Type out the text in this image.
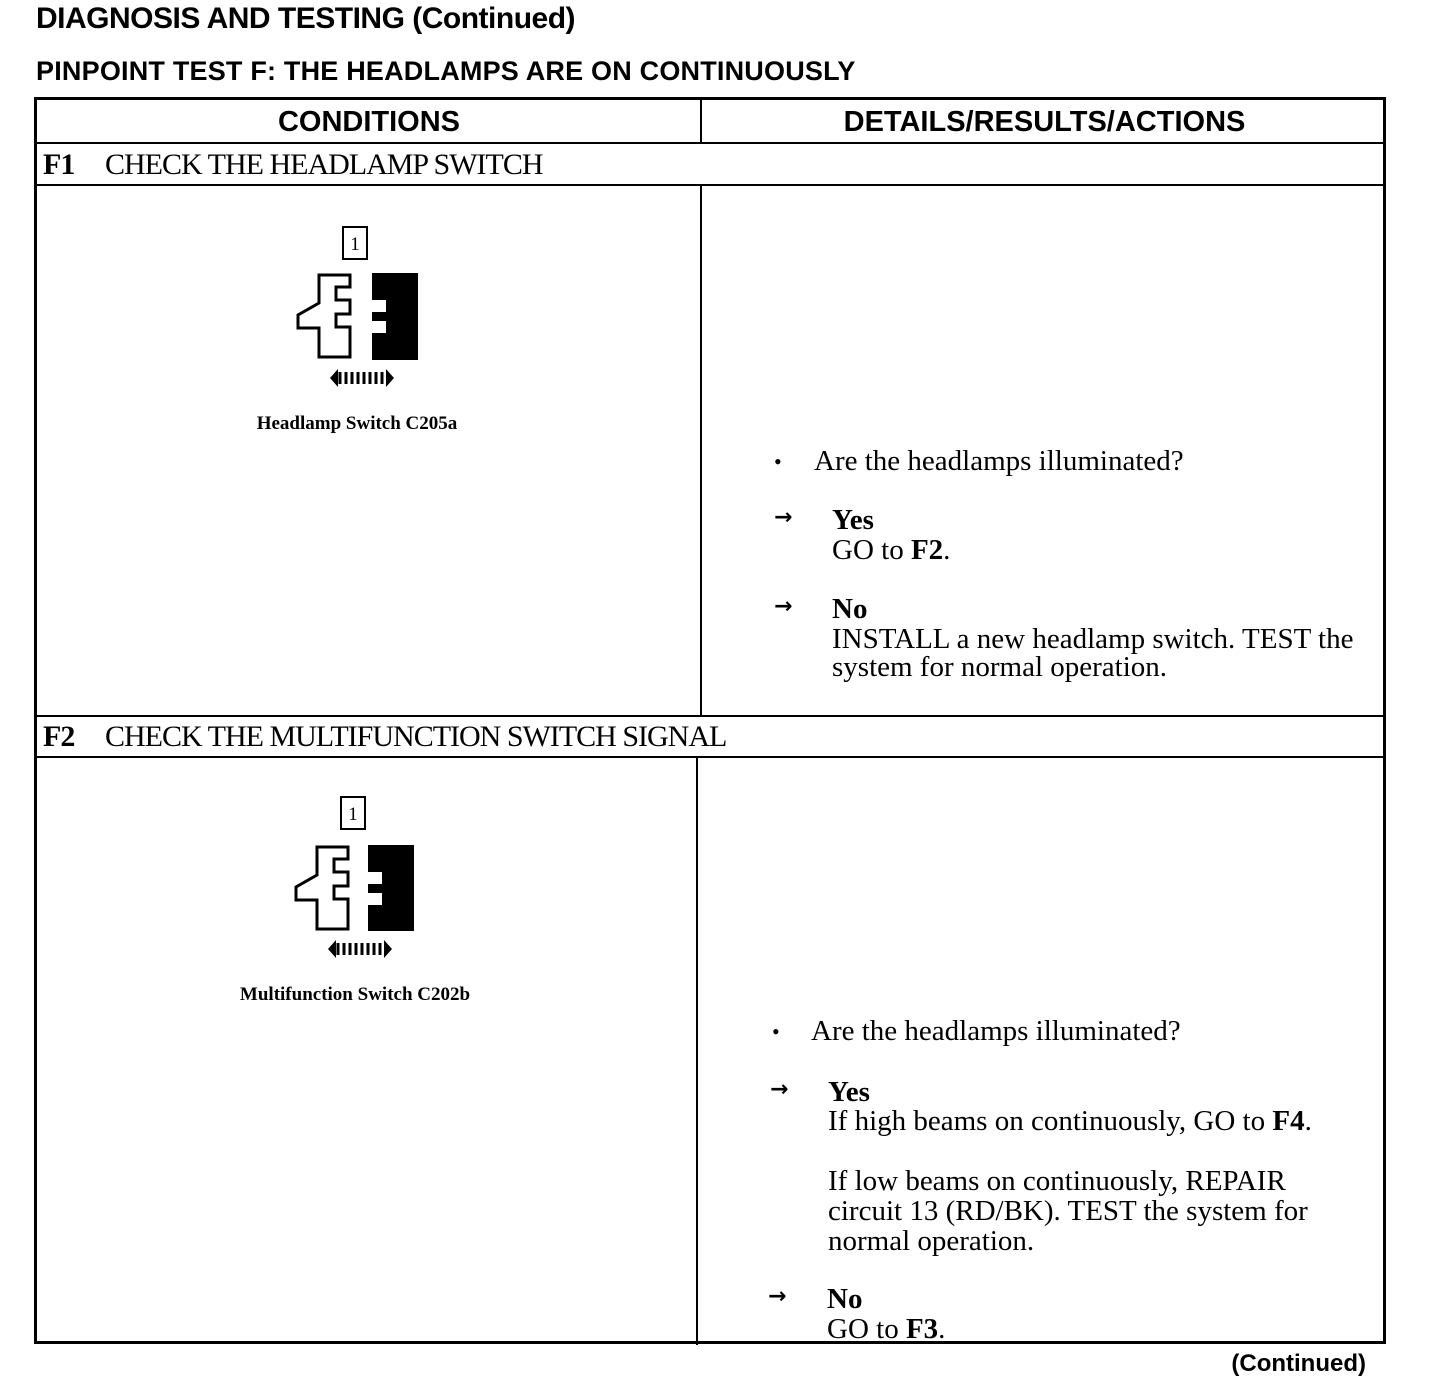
DIAGNOSIS AND TESTING (Continued)
PINPOINT TEST F: THE HEADLAMPS ARE ON CONTINUOUSLY
CONDITIONS	DETAILS/RESULTS/ACTIONS
F1 CHECK THE HEADLAMP SWITCH
1
Headlamp Switch C205a
• Are the headlamps illuminated?
→ Yes
GO to F2.
→ No
INSTALL a new headlamp switch. TEST the
system for normal operation.
F2 CHECK THE MULTIFUNCTION SWITCH SIGNAL
1
Multifunction Switch C202b
• Are the headlamps illuminated?
→ Yes
If high beams on continuously, GO to F4.
If low beams on continuously, REPAIR
circuit 13 (RD/BK). TEST the system for
normal operation.
→ No
GO to F3.
(Continued)
